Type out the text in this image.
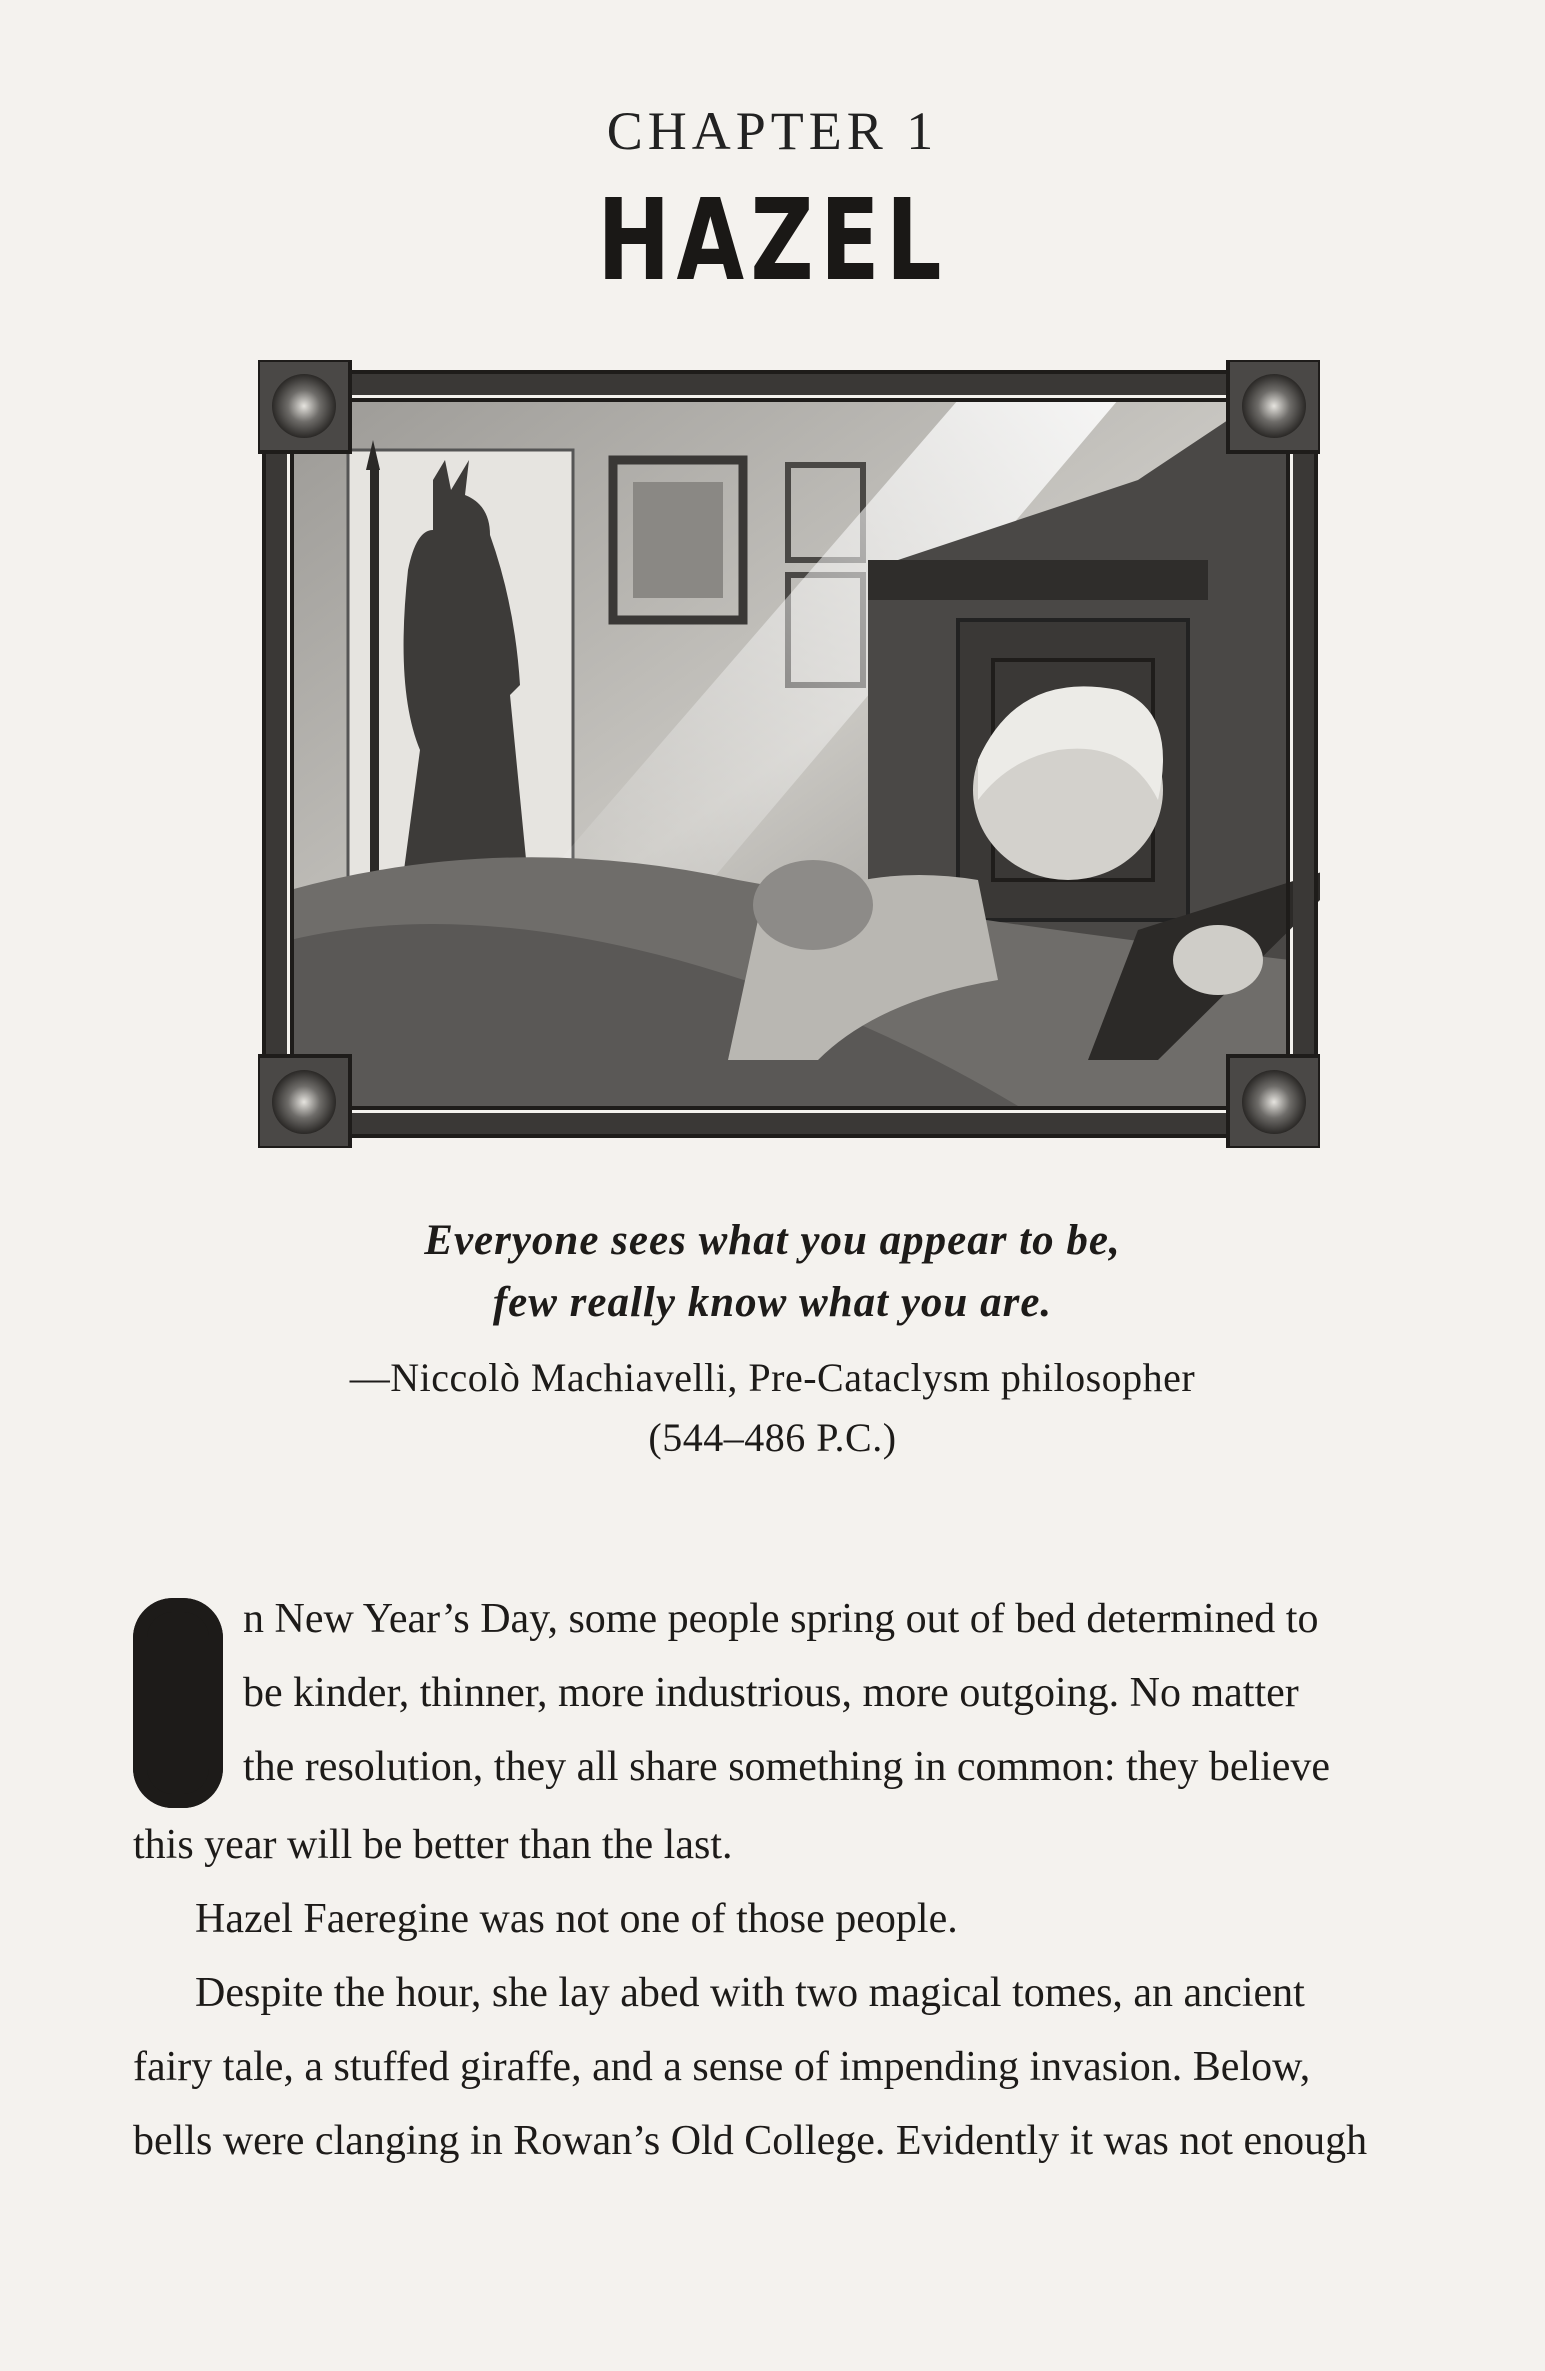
CHAPTER 1
HAZEL
Everyone sees what you appear to be,
few really know what you are.
—Niccolò Machiavelli, Pre-Cataclysm philosopher
(544–486 P.C.)
n New Year’s Day, some people spring out of bed determined to
be kinder, thinner, more industrious, more outgoing. No matter
the resolution, they all share something in common: they believe
this year will be better than the last.
Hazel Faeregine was not one of those people.
Despite the hour, she lay abed with two magical tomes, an ancient
fairy tale, a stuffed giraffe, and a sense of impending invasion. Below,
bells were clanging in Rowan’s Old College. Evidently it was not enough
